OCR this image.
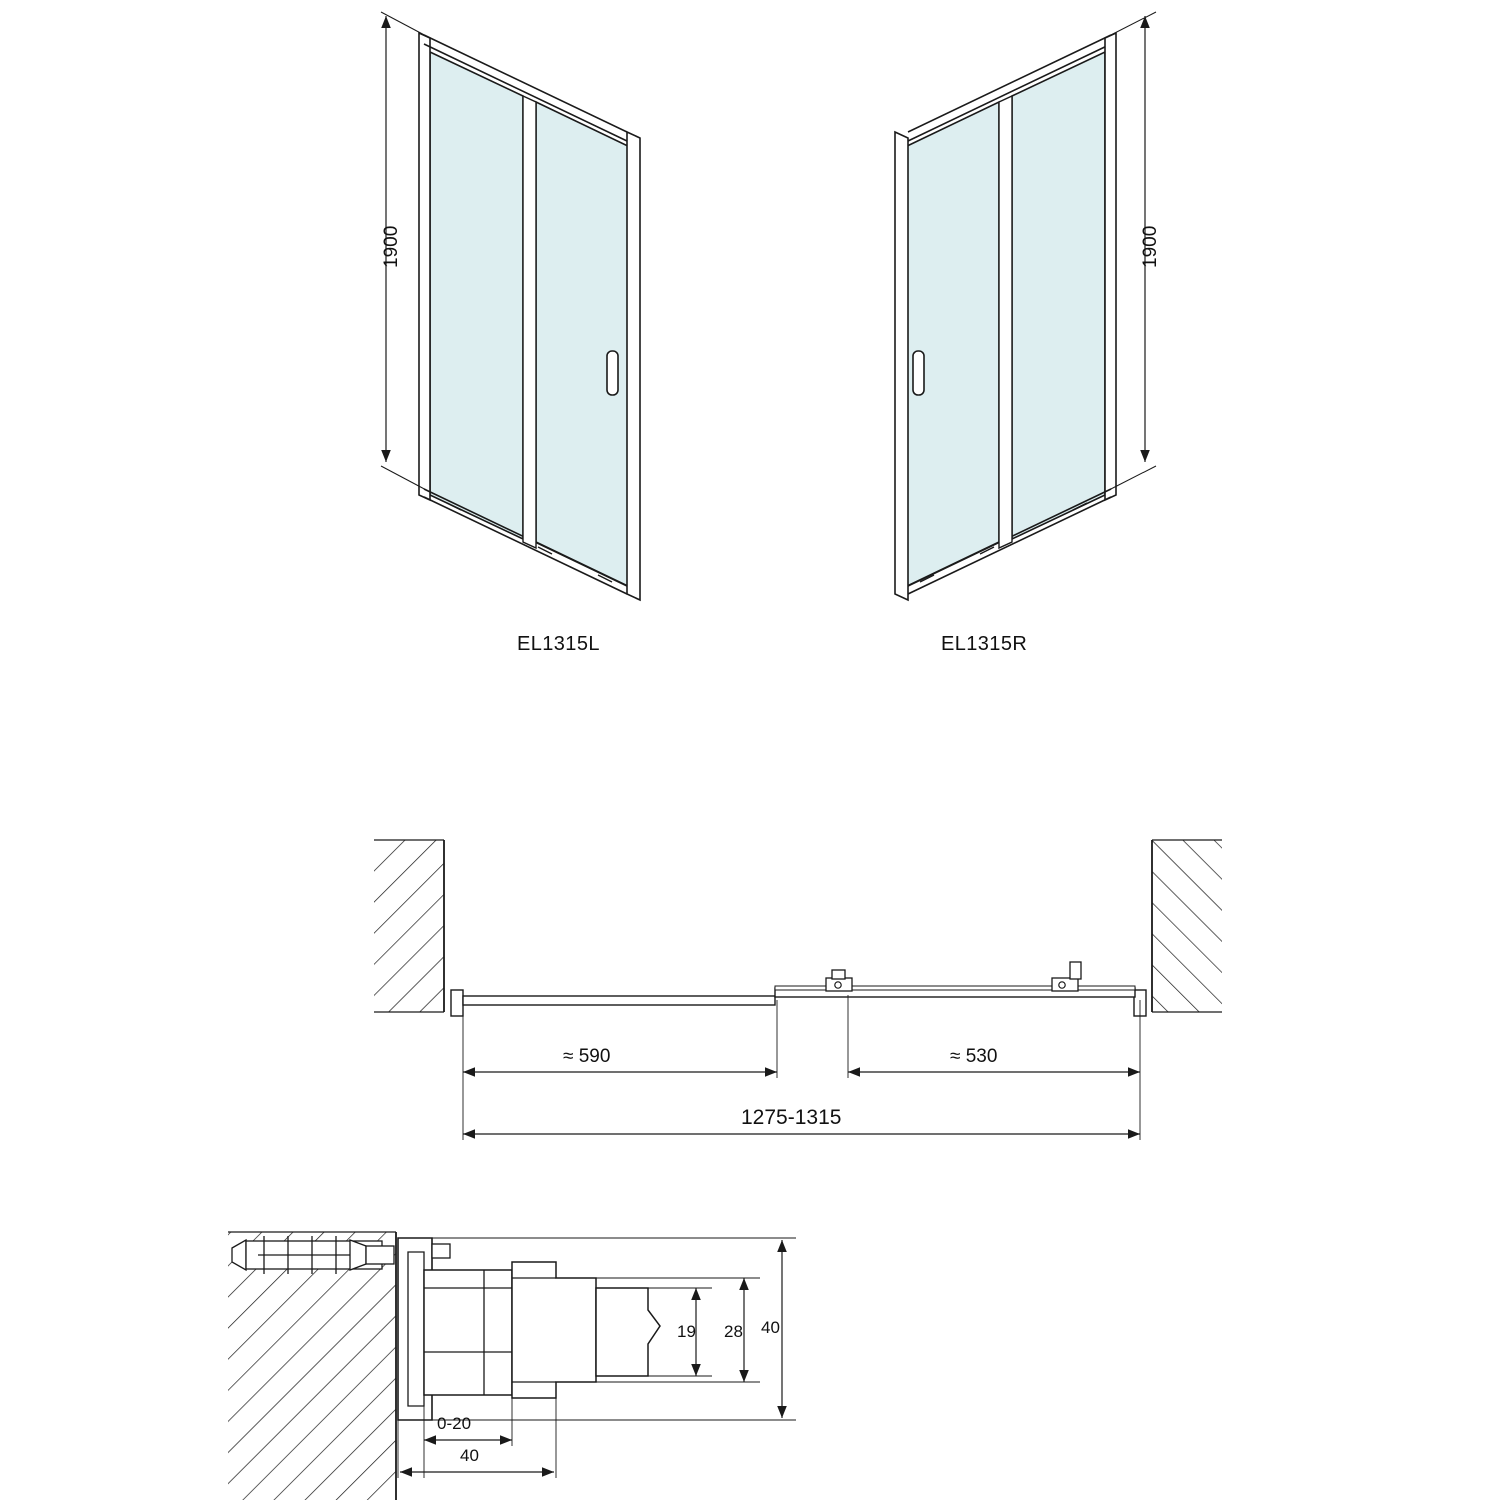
1900	1900
EL1315L	EL1315R
≈ 590	≈ 530
1275-1315
19 28 40
0-20
40
